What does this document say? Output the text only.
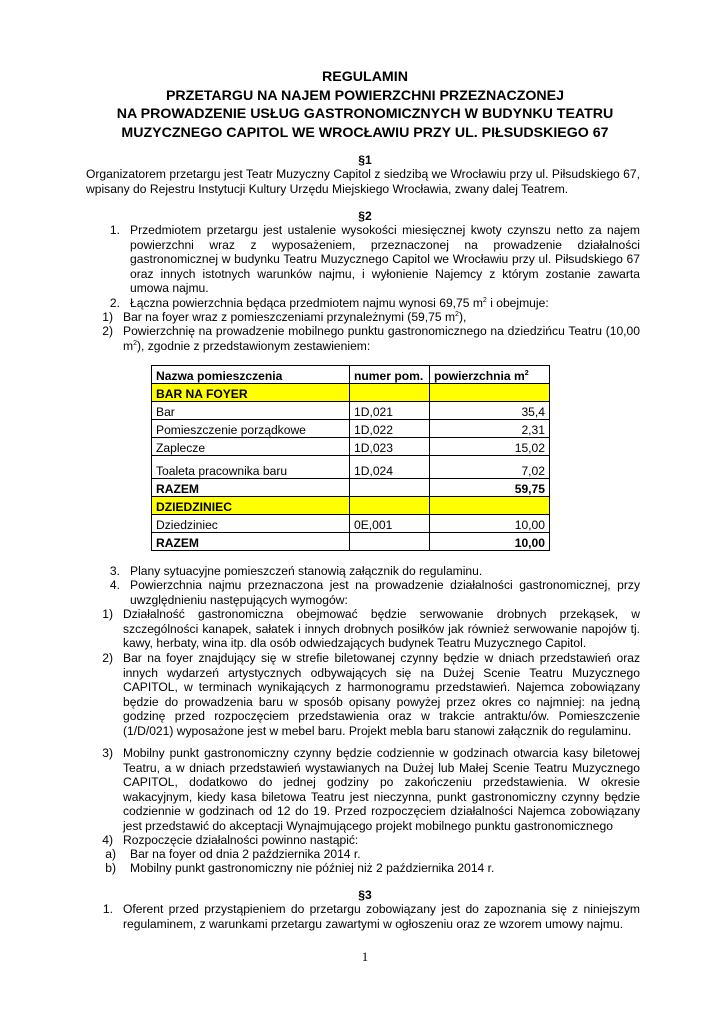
REGULAMIN
PRZETARGU NA NAJEM POWIERZCHNI PRZEZNACZONEJ
NA PROWADZENIE USŁUG GASTRONOMICZNYCH W BUDYNKU TEATRU
MUZYCZNEGO CAPITOL WE WROCŁAWIU PRZY UL. PIŁSUDSKIEGO 67
§1
Organizatorem przetargu jest Teatr Muzyczny Capitol z siedzibą we Wrocławiu przy ul. Piłsudskiego 67, wpisany do Rejestru Instytucji Kultury Urzędu Miejskiego Wrocławia, zwany dalej Teatrem.
§2
1. Przedmiotem przetargu jest ustalenie wysokości miesięcznej kwoty czynszu netto za najem powierzchni wraz z wyposażeniem, przeznaczonej na prowadzenie działalności gastronomicznej w budynku Teatru Muzycznego Capitol we Wrocławiu przy ul. Piłsudskiego 67 oraz innych istotnych warunków najmu, i wyłonienie Najemcy z którym zostanie zawarta umowa najmu.
2. Łączna powierzchnia będąca przedmiotem najmu wynosi 69,75 $m^2$ i obejmuje:
1) Bar na foyer wraz z pomieszczeniami przynależnymi (59,75 $m^2$),
2) Powierzchnię na prowadzenie mobilnego punktu gastronomicznego na dziedzińcu Teatru (10,00 $m^2$), zgodnie z przedstawionym zestawieniem:
Nazwa pomieszczenia	numer pom.	powierzchnia $m^2$
BAR NA FOYER		
Bar	1D,021	35,4
Pomieszczenie porządkowe	1D,022	2,31
Zaplecze	1D,023	15,02
Toaleta pracownika baru	1D,024	7,02
RAZEM		59,75
DZIEDZINIEC		
Dziedziniec	0E,001	10,00
RAZEM		10,00
3. Plany sytuacyjne pomieszczeń stanowią załącznik do regulaminu.
4. Powierzchnia najmu przeznaczona jest na prowadzenie działalności gastronomicznej, przy uwzględnieniu następujących wymogów:
1) Działalność gastronomiczna obejmować będzie serwowanie drobnych przekąsek, w szczególności kanapek, sałatek i innych drobnych posiłków jak również serwowanie napojów tj. kawy, herbaty, wina itp. dla osób odwiedzających budynek Teatru Muzycznego Capitol.
2) Bar na foyer znajdujący się w strefie biletowanej czynny będzie w dniach przedstawień oraz innych wydarzeń artystycznych odbywających się na Dużej Scenie Teatru Muzycznego CAPITOL, w terminach wynikających z harmonogramu przedstawień. Najemca zobowiązany będzie do prowadzenia baru w sposób opisany powyżej przez okres co najmniej: na jedną godzinę przed rozpoczęciem przedstawienia oraz w trakcie antraktu/ów. Pomieszczenie (1/D/021) wyposażone jest w mebel baru. Projekt mebla baru stanowi załącznik do regulaminu.
3) Mobilny punkt gastronomiczny czynny będzie codziennie w godzinach otwarcia kasy biletowej Teatru, a w dniach przedstawień wystawianych na Dużej lub Małej Scenie Teatru Muzycznego CAPITOL, dodatkowo do jednej godziny po zakończeniu przedstawienia. W okresie wakacyjnym, kiedy kasa biletowa Teatru jest nieczynna, punkt gastronomiczny czynny będzie codziennie w godzinach od 12 do 19. Przed rozpoczęciem działalności Najemca zobowiązany jest przedstawić do akceptacji Wynajmującego projekt mobilnego punktu gastronomicznego
4) Rozpoczęcie działalności powinno nastąpić:
a) Bar na foyer od dnia 2 października 2014 r.
b) Mobilny punkt gastronomiczny nie później niż 2 października 2014 r.
§3
1. Oferent przed przystąpieniem do przetargu zobowiązany jest do zapoznania się z niniejszym regulaminem, z warunkami przetargu zawartymi w ogłoszeniu oraz ze wzorem umowy najmu.
1
